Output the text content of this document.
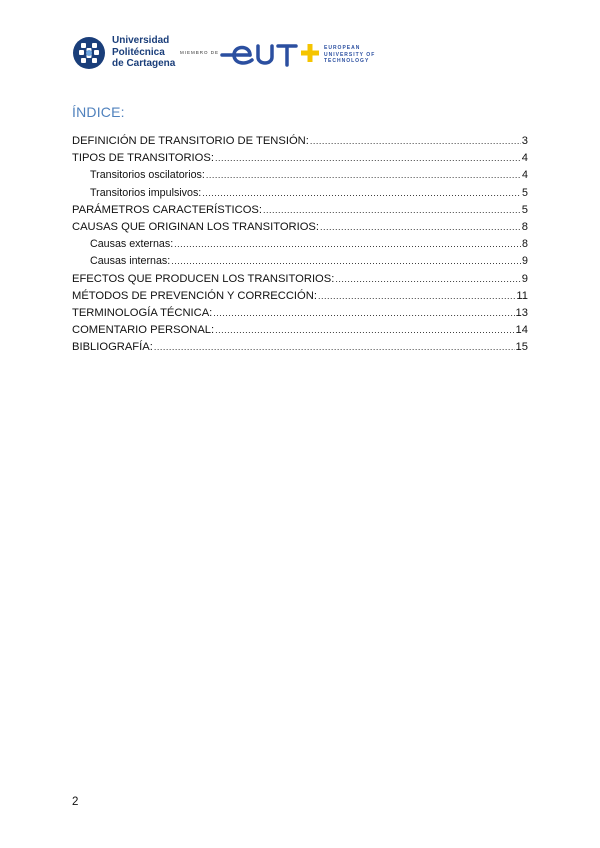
Universidad
Politécnica
de Cartagena
MIEMBRO DE
EUROPEAN
UNIVERSITY OF
TECHNOLOGY
ÍNDICE:
DEFINICIÓN DE TRANSITORIO DE TENSIÓN: .....	3
TIPOS DE TRANSITORIOS: .....	4
Transitorios oscilatorios: .....	4
Transitorios impulsivos: .....	5
PARÁMETROS CARACTERÍSTICOS: .....	5
CAUSAS QUE ORIGINAN LOS TRANSITORIOS: .....	8
Causas externas: .....	8
Causas internas: .....	9
EFECTOS QUE PRODUCEN LOS TRANSITORIOS: .....	9
MÉTODOS DE PREVENCIÓN Y CORRECCIÓN: .....	11
TERMINOLOGÍA TÉCNICA: .....	13
COMENTARIO PERSONAL: .....	14
BIBLIOGRAFÍA: .....	15
2
